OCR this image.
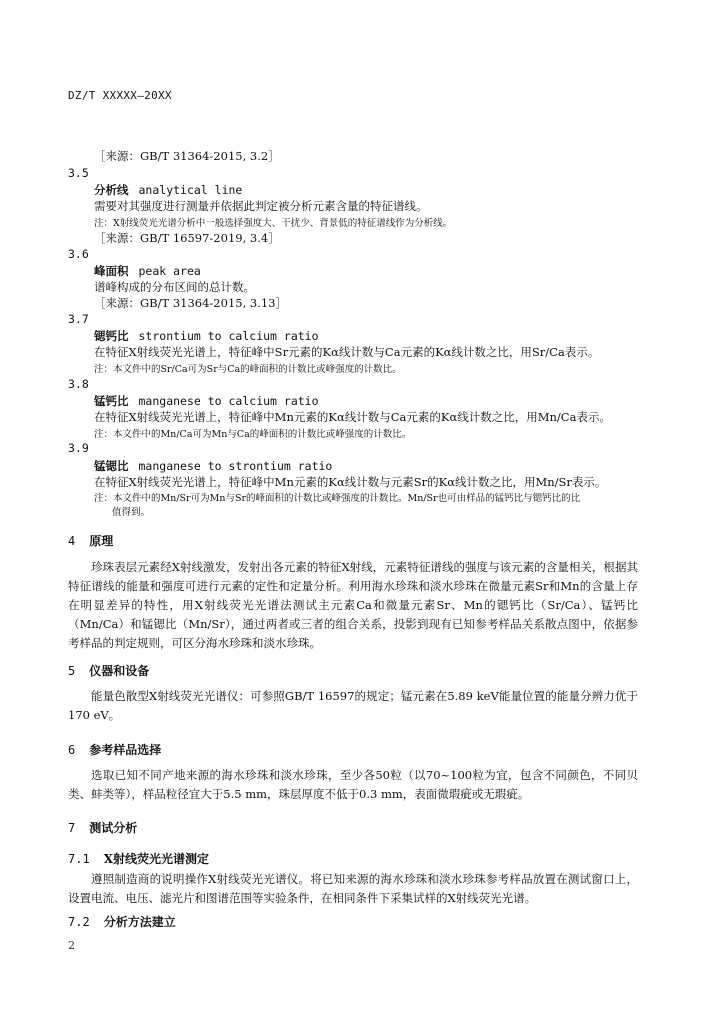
DZ/T XXXXX—20XX
［来源：GB/T 31364-2015, 3.2］
3.5
分析线 analytical line
需要对其强度进行测量并依据此判定被分析元素含量的特征谱线。
注：X射线荧光光谱分析中一般选择强度大、干扰少、背景低的特征谱线作为分析线。
［来源：GB/T 16597-2019, 3.4］
3.6
峰面积 peak area
谱峰构成的分布区间的总计数。
［来源：GB/T 31364-2015, 3.13］
3.7
锶钙比 strontium to calcium ratio
在特征X射线荧光光谱上，特征峰中Sr元素的Kα线计数与Ca元素的Kα线计数之比，用Sr/Ca表示。
注：本文件中的Sr/Ca可为Sr与Ca的峰面积的计数比或峰强度的计数比。
3.8
锰钙比 manganese to calcium ratio
在特征X射线荧光光谱上，特征峰中Mn元素的Kα线计数与Ca元素的Kα线计数之比，用Mn/Ca表示。
注：本文件中的Mn/Ca可为Mn与Ca的峰面积的计数比或峰强度的计数比。
3.9
锰锶比 manganese to strontium ratio
在特征X射线荧光光谱上，特征峰中Mn元素的Kα线计数与元素Sr的Kα线计数之比，用Mn/Sr表示。
注：本文件中的Mn/Sr可为Mn与Sr的峰面积的计数比或峰强度的计数比。Mn/Sr也可由样品的锰钙比与锶钙比的比
值得到。
4 原理
珍珠表层元素经X射线激发，发射出各元素的特征X射线，元素特征谱线的强度与该元素的含量相关，根据其特征谱线的能量和强度可进行元素的定性和定量分析。利用海水珍珠和淡水珍珠在微量元素Sr和Mn的含量上存在明显差异的特性，用X射线荧光光谱法测试主元素Ca和微量元素Sr、Mn的锶钙比（Sr/Ca）、锰钙比（Mn/Ca）和锰锶比（Mn/Sr），通过两者或三者的组合关系，投影到现有已知参考样品关系散点图中，依据参考样品的判定规则，可区分海水珍珠和淡水珍珠。
5 仪器和设备
能量色散型X射线荧光光谱仪：可参照GB/T 16597的规定；锰元素在5.89 keV能量位置的能量分辨力优于170 eV。
6 参考样品选择
选取已知不同产地来源的海水珍珠和淡水珍珠，至少各50粒（以70~100粒为宜，包含不同颜色，不同贝类、蚌类等），样品粒径宜大于5.5 mm，珠层厚度不低于0.3 mm，表面微瑕疵或无瑕疵。
7 测试分析
7.1 X射线荧光光谱测定
遵照制造商的说明操作X射线荧光光谱仪。将已知来源的海水珍珠和淡水珍珠参考样品放置在测试窗口上，设置电流、电压、滤光片和图谱范围等实验条件，在相同条件下采集试样的X射线荧光光谱。
7.2 分析方法建立
2
